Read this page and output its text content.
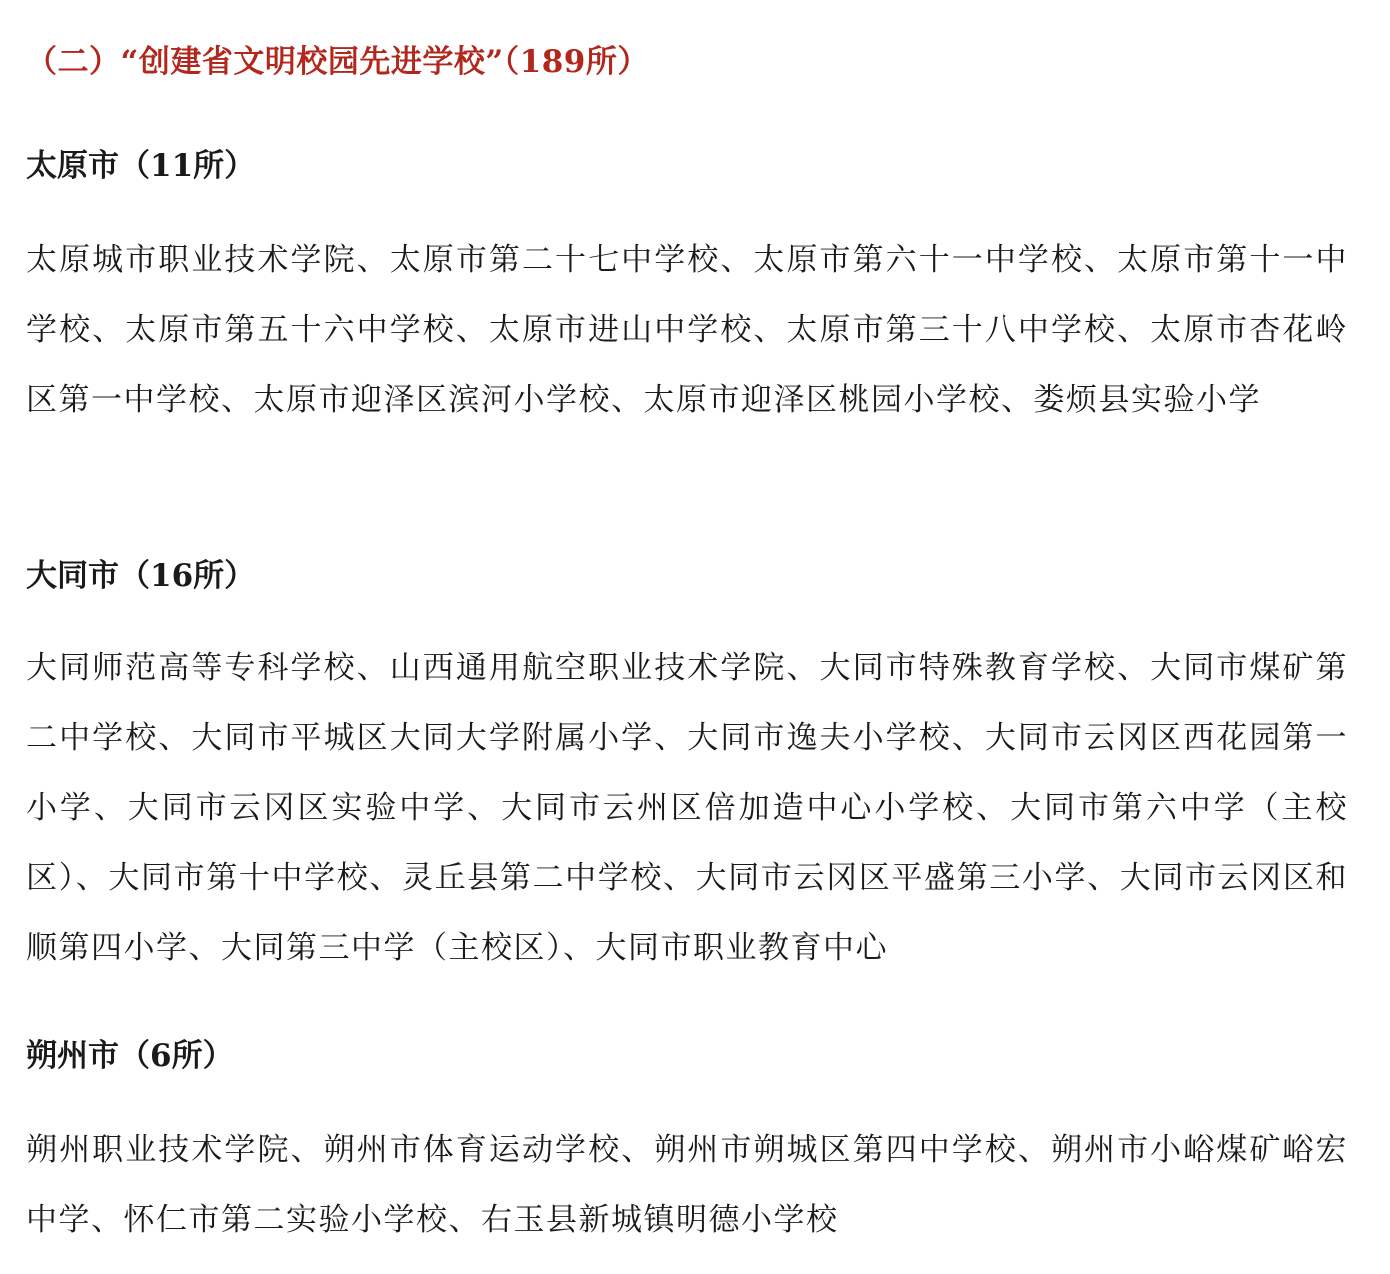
（二）“创建省文明校园先进学校”（189所）
太原市（11所）
太原城市职业技术学院、太原市第二十七中学校、太原市第六十一中学校、太原市第十一中学校、太原市第五十六中学校、太原市进山中学校、太原市第三十八中学校、太原市杏花岭区第一中学校、太原市迎泽区滨河小学校、太原市迎泽区桃园小学校、娄烦县实验小学
大同市（16所）
大同师范高等专科学校、山西通用航空职业技术学院、大同市特殊教育学校、大同市煤矿第二中学校、大同市平城区大同大学附属小学、大同市逸夫小学校、大同市云冈区西花园第一小学、大同市云冈区实验中学、大同市云州区倍加造中心小学校、大同市第六中学（主校区）、大同市第十中学校、灵丘县第二中学校、大同市云冈区平盛第三小学、大同市云冈区和顺第四小学、大同第三中学（主校区）、大同市职业教育中心
朔州市（6所）
朔州职业技术学院、朔州市体育运动学校、朔州市朔城区第四中学校、朔州市小峪煤矿峪宏中学、怀仁市第二实验小学校、右玉县新城镇明德小学校
